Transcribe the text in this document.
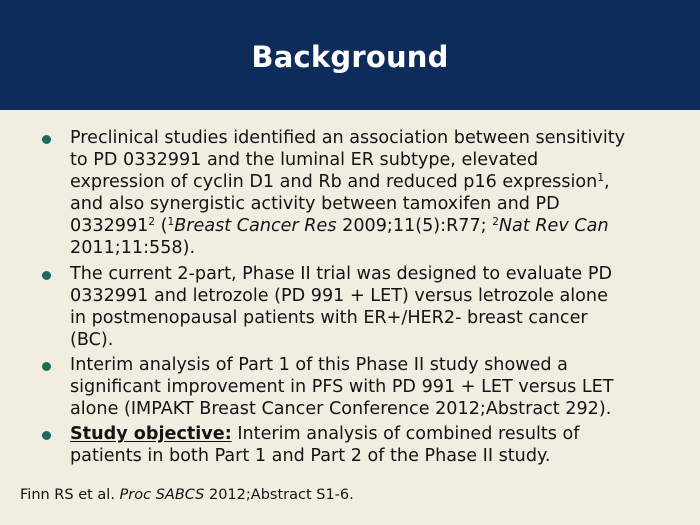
Background
Preclinical studies identified an association between sensitivity
to PD 0332991 and the luminal ER subtype, elevated
expression of cyclin D1 and Rb and reduced p16 expression$^1$,
and also synergistic activity between tamoxifen and PD
0332991$^2$ ($^1$Breast Cancer Res 2009;11(5):R77; $^2$Nat Rev Can
2011;11:558).
The current 2-part, Phase II trial was designed to evaluate PD
0332991 and letrozole (PD 991 + LET) versus letrozole alone
in postmenopausal patients with ER+/HER2- breast cancer
(BC).
Interim analysis of Part 1 of this Phase II study showed a
significant improvement in PFS with PD 991 + LET versus LET
alone (IMPAKT Breast Cancer Conference 2012;Abstract 292).
Study objective: Interim analysis of combined results of
patients in both Part 1 and Part 2 of the Phase II study.
Finn RS et al. Proc SABCS 2012;Abstract S1-6.
